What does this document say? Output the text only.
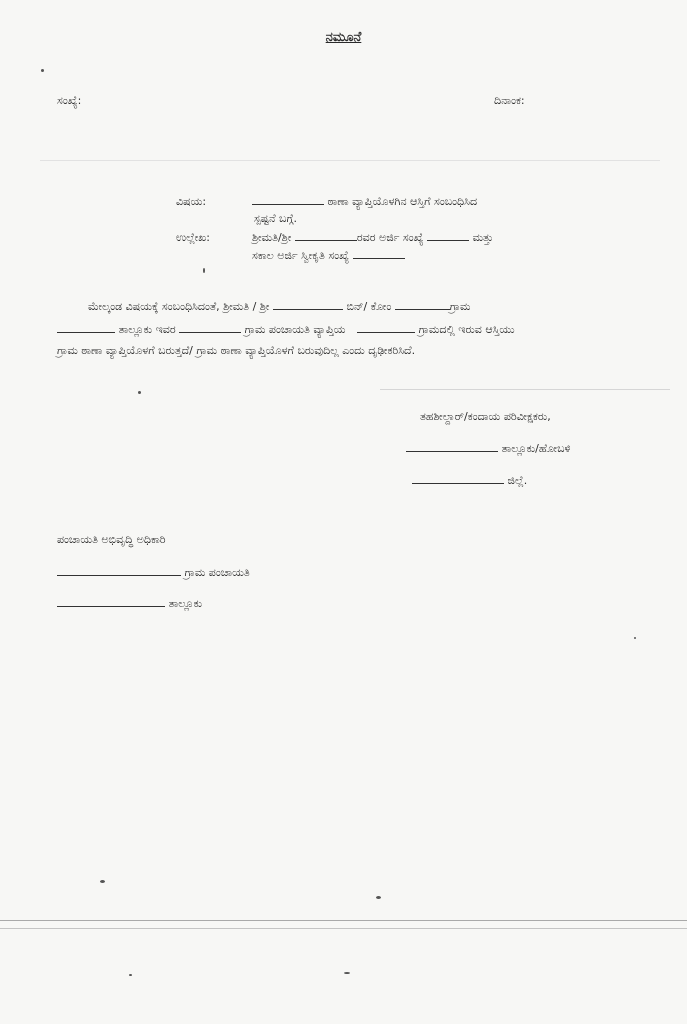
ನಮೂನೆ
ಸಂಖ್ಯೆ:	ದಿನಾಂಕ:
ವಿಷಯ:	ಠಾಣಾ ವ್ಯಾಪ್ತಿಯೊಳಗಿನ ಆಸ್ತಿಗೆ ಸಂಬಂಧಿಸಿದ
ಸ್ಪಷ್ಟನೆ ಬಗ್ಗೆ.
ಉಲ್ಲೇಖ:	ಶ್ರೀಮತಿ/ಶ್ರೀ	ರವರ ಅರ್ಜಿ ಸಂಖ್ಯೆ	ಮತ್ತು
ಸಕಾಲ ಅರ್ಜಿ ಸ್ವೀಕೃತಿ ಸಂಖ್ಯೆ
ಮೇಲ್ಕಂಡ ವಿಷಯಕ್ಕೆ ಸಂಬಂಧಿಸಿದಂತೆ, ಶ್ರೀಮತಿ / ಶ್ರೀ	ಬಿನ್/ ಕೋಂ	ಗ್ರಾಮ
ತಾಲ್ಲೂಕು ಇವರ	ಗ್ರಾಮ ಪಂಚಾಯತಿ ವ್ಯಾಪ್ತಿಯ	ಗ್ರಾಮದಲ್ಲಿ ಇರುವ ಆಸ್ತಿಯು
ಗ್ರಾಮ ಠಾಣಾ ವ್ಯಾಪ್ತಿಯೊಳಗೆ ಬರುತ್ತದೆ/ ಗ್ರಾಮ ಠಾಣಾ ವ್ಯಾಪ್ತಿಯೊಳಗೆ ಬರುವುದಿಲ್ಲ ಎಂದು ದೃಢೀಕರಿಸಿದೆ.
ತಹಶೀಲ್ದಾರ್/ಕಂದಾಯ ಪರಿವೀಕ್ಷಕರು,
ತಾಲ್ಲೂಕು/ಹೋಬಳಿ
ಜಿಲ್ಲೆ.
ಪಂಚಾಯತಿ ಅಭಿವೃದ್ಧಿ ಅಧಿಕಾರಿ
ಗ್ರಾಮ ಪಂಚಾಯತಿ
ತಾಲ್ಲೂಕು
